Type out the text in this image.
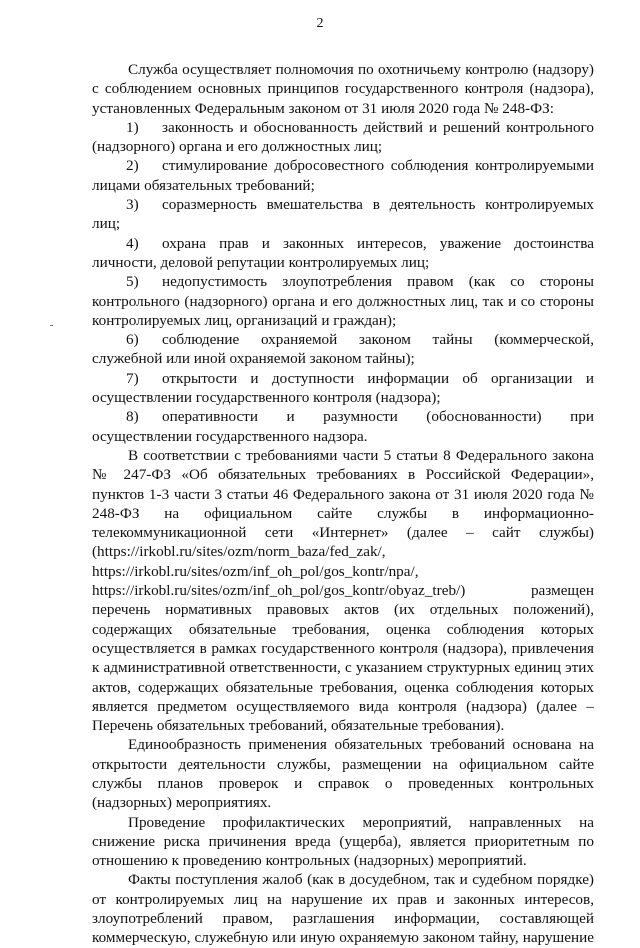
2

Служба осуществляет полномочия по охотничьему контролю (надзору) с соблюдением основных принципов государственного контроля (надзора), установленных Федеральным законом от 31 июля 2020 года № 248-ФЗ:

1) законность и обоснованность действий и решений контрольного (надзорного) органа и его должностных лиц;

2) стимулирование добросовестного соблюдения контролируемыми лицами обязательных требований;

3) соразмерность вмешательства в деятельность контролируемых лиц;

4) охрана прав и законных интересов, уважение достоинства личности, деловой репутации контролируемых лиц;

5) недопустимость злоупотребления правом (как со стороны контрольного (надзорного) органа и его должностных лиц, так и со стороны контролируемых лиц, организаций и граждан);

6) соблюдение охраняемой законом тайны (коммерческой, служебной или иной охраняемой законом тайны);

7) открытости и доступности информации об организации и осуществлении государственного контроля (надзора);

8) оперативности и разумности (обоснованности) при осуществлении государственного надзора.

В соответствии с требованиями части 5 статьи 8 Федерального закона № 247-ФЗ «Об обязательных требованиях в Российской Федерации», пунктов 1-3 части 3 статьи 46 Федерального закона от 31 июля 2020 года № 248-ФЗ на официальном сайте службы в информационно-телекоммуникационной сети «Интернет» (далее – сайт службы) (https://irkobl.ru/sites/ozm/norm_baza/fed_zak/, https://irkobl.ru/sites/ozm/inf_oh_pol/gos_kontr/npa/, https://irkobl.ru/sites/ozm/inf_oh_pol/gos_kontr/obyaz_treb/) размещен перечень нормативных правовых актов (их отдельных положений), содержащих обязательные требования, оценка соблюдения которых осуществляется в рамках государственного контроля (надзора), привлечения к административной ответственности, с указанием структурных единиц этих актов, содержащих обязательные требования, оценка соблюдения которых является предметом осуществляемого вида контроля (надзора) (далее – Перечень обязательных требований, обязательные требования).

Единообразность применения обязательных требований основана на открытости деятельности службы, размещении на официальном сайте службы планов проверок и справок о проведенных контрольных (надзорных) мероприятиях.

Проведение профилактических мероприятий, направленных на снижение риска причинения вреда (ущерба), является приоритетным по отношению к проведению контрольных (надзорных) мероприятий.

Факты поступления жалоб (как в досудебном, так и судебном порядке) от контролируемых лиц на нарушение их прав и законных интересов, злоупотреблений правом, разглашения информации, составляющей коммерческую, служебную или иную охраняемую законом тайну, нарушение
